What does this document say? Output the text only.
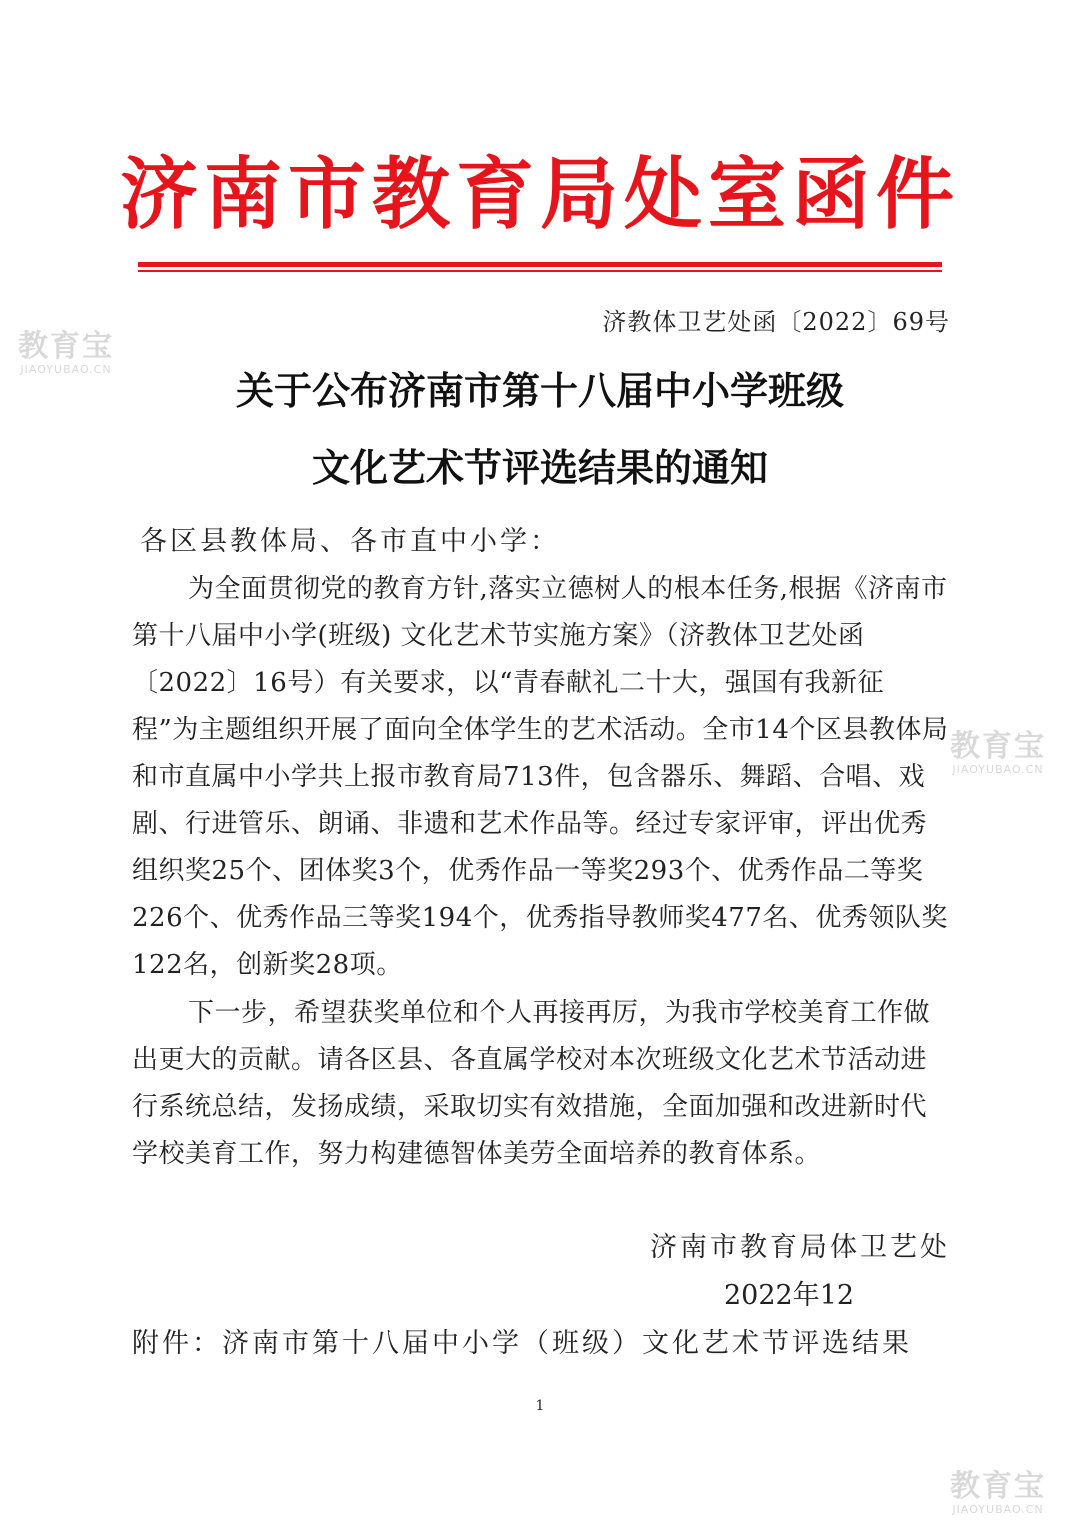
济南市教育局处室函件
济教体卫艺处函〔2022〕69号
教育宝
JIAOYUBAO.CN
教育宝
JIAOYUBAO.CN
教育宝
JIAOYUBAO.CN
关于公布济南市第十八届中小学班级
文化艺术节评选结果的通知
各区县教体局、各市直中小学：
为全面贯彻党的教育方针,落实立德树人的根本任务,根据《济南市第十八届中小学(班级) 文化艺术节实施方案》（济教体卫艺处函〔2022〕16号）有关要求，以“青春献礼二十大，强国有我新征程”为主题组织开展了面向全体学生的艺术活动。全市14个区县教体局和市直属中小学共上报市教育局713件，包含器乐、舞蹈、合唱、戏剧、行进管乐、朗诵、非遗和艺术作品等。经过专家评审，评出优秀组织奖25个、团体奖3个，优秀作品一等奖293个、优秀作品二等奖226个、优秀作品三等奖194个，优秀指导教师奖477名、优秀领队奖122名，创新奖28项。
下一步，希望获奖单位和个人再接再厉，为我市学校美育工作做出更大的贡献。请各区县、各直属学校对本次班级文化艺术节活动进行系统总结，发扬成绩，采取切实有效措施，全面加强和改进新时代学校美育工作，努力构建德智体美劳全面培养的教育体系。
济南市教育局体卫艺处
2022年12
附件：济南市第十八届中小学（班级）文化艺术节评选结果
1
